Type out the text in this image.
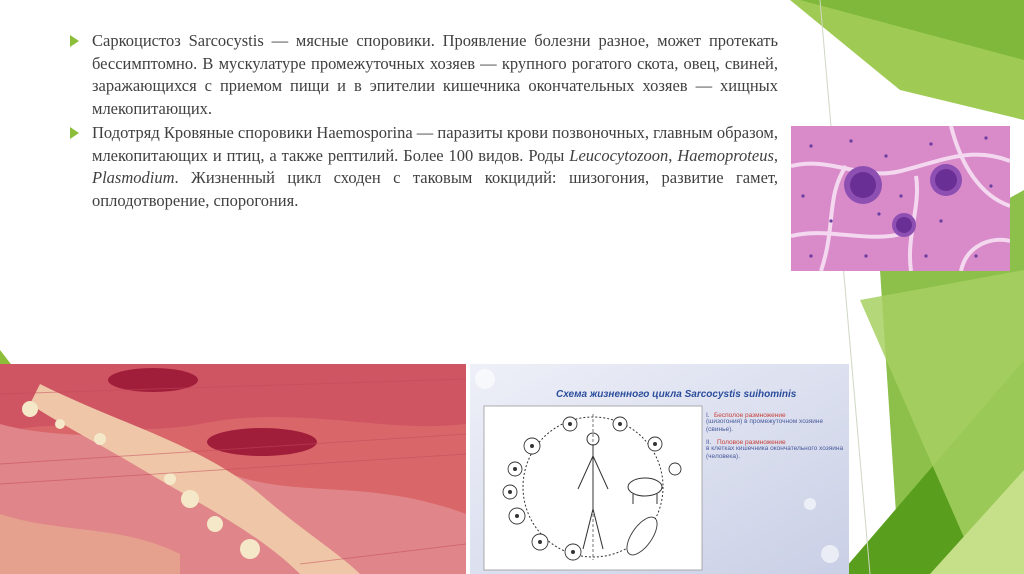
Саркоцистоз Sarcocystis — мясные споровики. Проявление болезни разное, может протекать бессимптомно. В мускулатуре промежуточных хозяев — крупного рогатого скота, овец, свиней, заражающихся с приемом пищи и в эпителии кишечника окончательных хозяев — хищных млекопитающих.
Подотряд Кровяные споровики Haemosporina — паразиты крови позвоночных, главным образом, млекопитающих и птиц, а также рептилий. Более 100 видов. Роды Leucocytozoon, Haemoproteus, Plasmodium. Жизненный цикл сходен с таковым кокцидий: шизогония, развитие гамет, оплодотворение, спорогония.
Схема жизненного цикла Sarcocystis suihominis
I. Бесполое размножение
(шизогония) в промежуточном хозяине (свинье).
II. Половое размножение
в клетках кишечника окончательного хозяина (человека).
